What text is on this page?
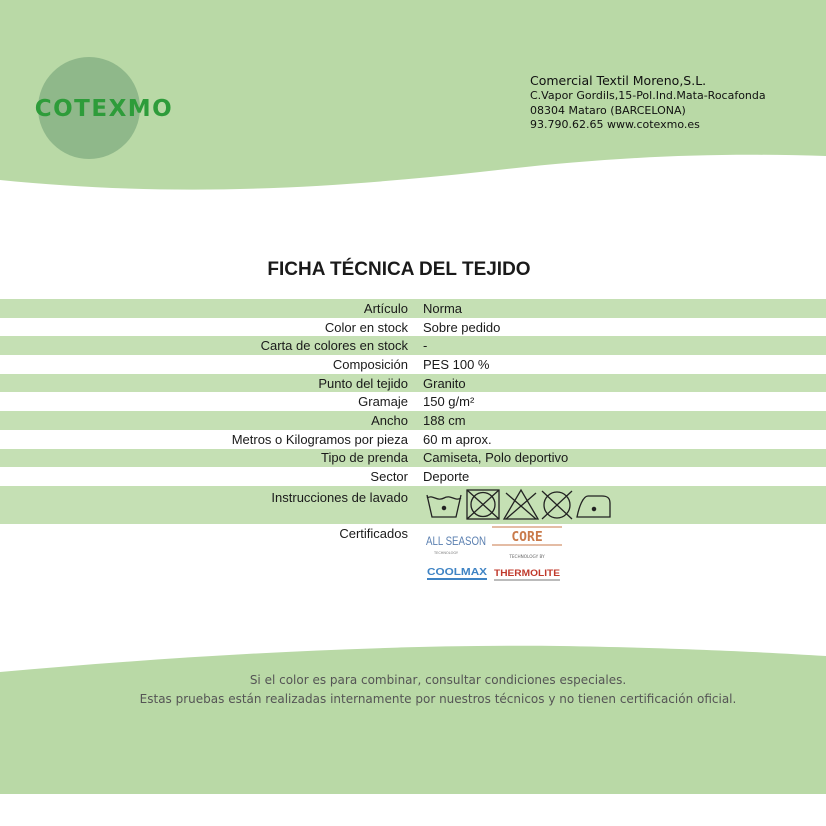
COTEXMO
Comercial Textil Moreno,S.L.
C.Vapor Gordils,15-Pol.Ind.Mata-Rocafonda
08304 Mataro (BARCELONA)
93.790.62.65 www.cotexmo.es
FICHA TÉCNICA DEL TEJIDO
Artículo	Norma
Color en stock	Sobre pedido
Carta de colores en stock	-
Composición	PES 100 %
Punto del tejido	Granito
Gramaje	150 g/m²
Ancho	188 cm
Metros o Kilogramos por pieza	60 m aprox.
Tipo de prenda	Camiseta, Polo deportivo
Sector	Deporte
Instrucciones de lavado
Certificados ALL SEASON
TECHNOLOGY
CORE
TECHNOLOGY BY
COOLMAX THERMOLITE
Si el color es para combinar, consultar condiciones especiales.
Estas pruebas están realizadas internamente por nuestros técnicos y no tienen certificación oficial.
